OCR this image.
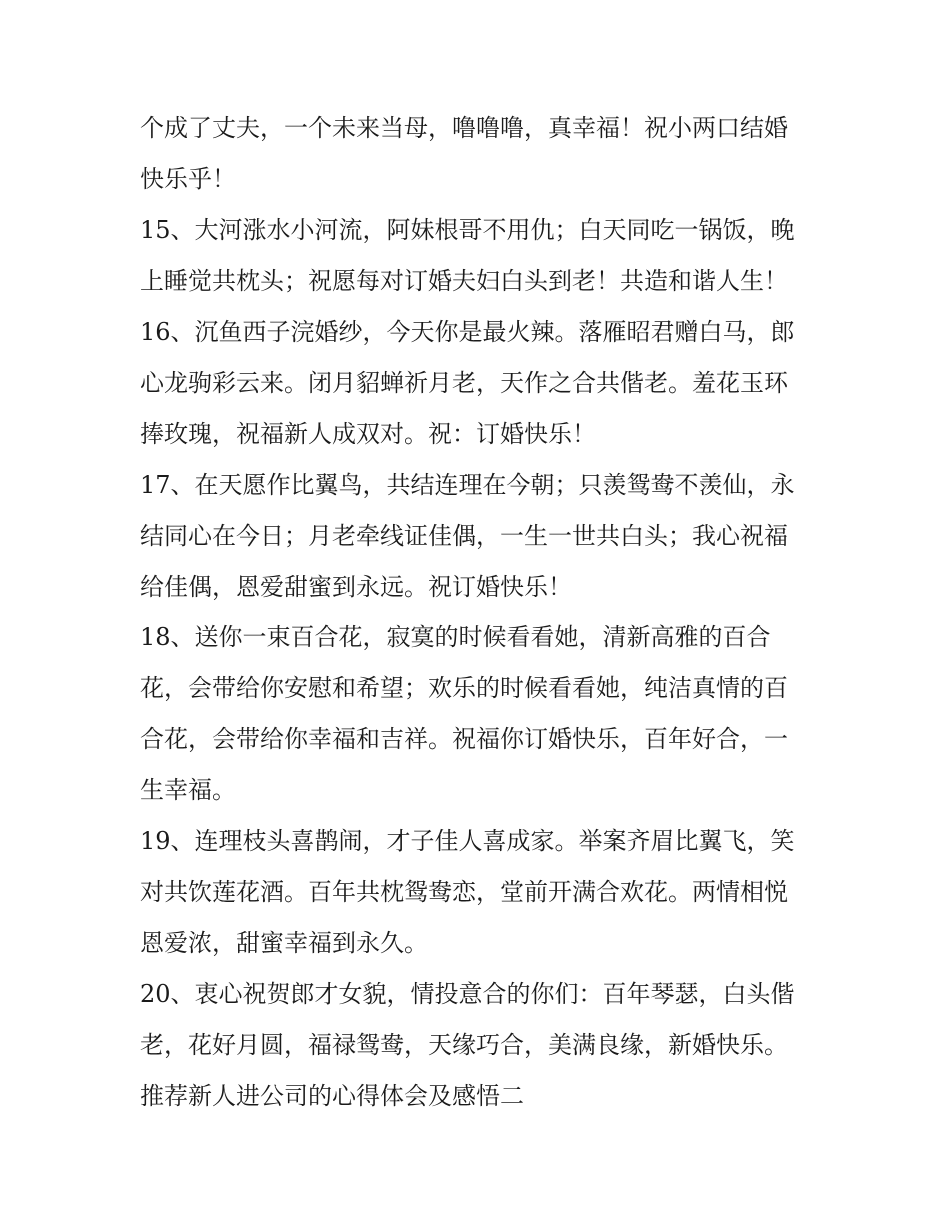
个成了丈夫，一个未来当母，噜噜噜，真幸福！祝小两口结婚

快乐乎！

15、大河涨水小河流，阿妹根哥不用仇；白天同吃一锅饭，晚

上睡觉共枕头；祝愿每对订婚夫妇白头到老！共造和谐人生！

16、沉鱼西子浣婚纱，今天你是最火辣。落雁昭君赠白马，郎

心龙驹彩云来。闭月貂蝉祈月老，天作之合共偕老。羞花玉环

捧玫瑰，祝福新人成双对。祝：订婚快乐！

17、在天愿作比翼鸟，共结连理在今朝；只羡鸳鸯不羡仙，永

结同心在今日；月老牵线证佳偶，一生一世共白头；我心祝福

给佳偶，恩爱甜蜜到永远。祝订婚快乐！

18、送你一束百合花，寂寞的时候看看她，清新高雅的百合

花，会带给你安慰和希望；欢乐的时候看看她，纯洁真情的百

合花，会带给你幸福和吉祥。祝福你订婚快乐，百年好合，一

生幸福。

19、连理枝头喜鹊闹，才子佳人喜成家。举案齐眉比翼飞，笑

对共饮莲花酒。百年共枕鸳鸯恋，堂前开满合欢花。两情相悦

恩爱浓，甜蜜幸福到永久。

20、衷心祝贺郎才女貌，情投意合的你们：百年琴瑟，白头偕

老，花好月圆，福禄鸳鸯，天缘巧合，美满良缘，新婚快乐。

推荐新人进公司的心得体会及感悟二
